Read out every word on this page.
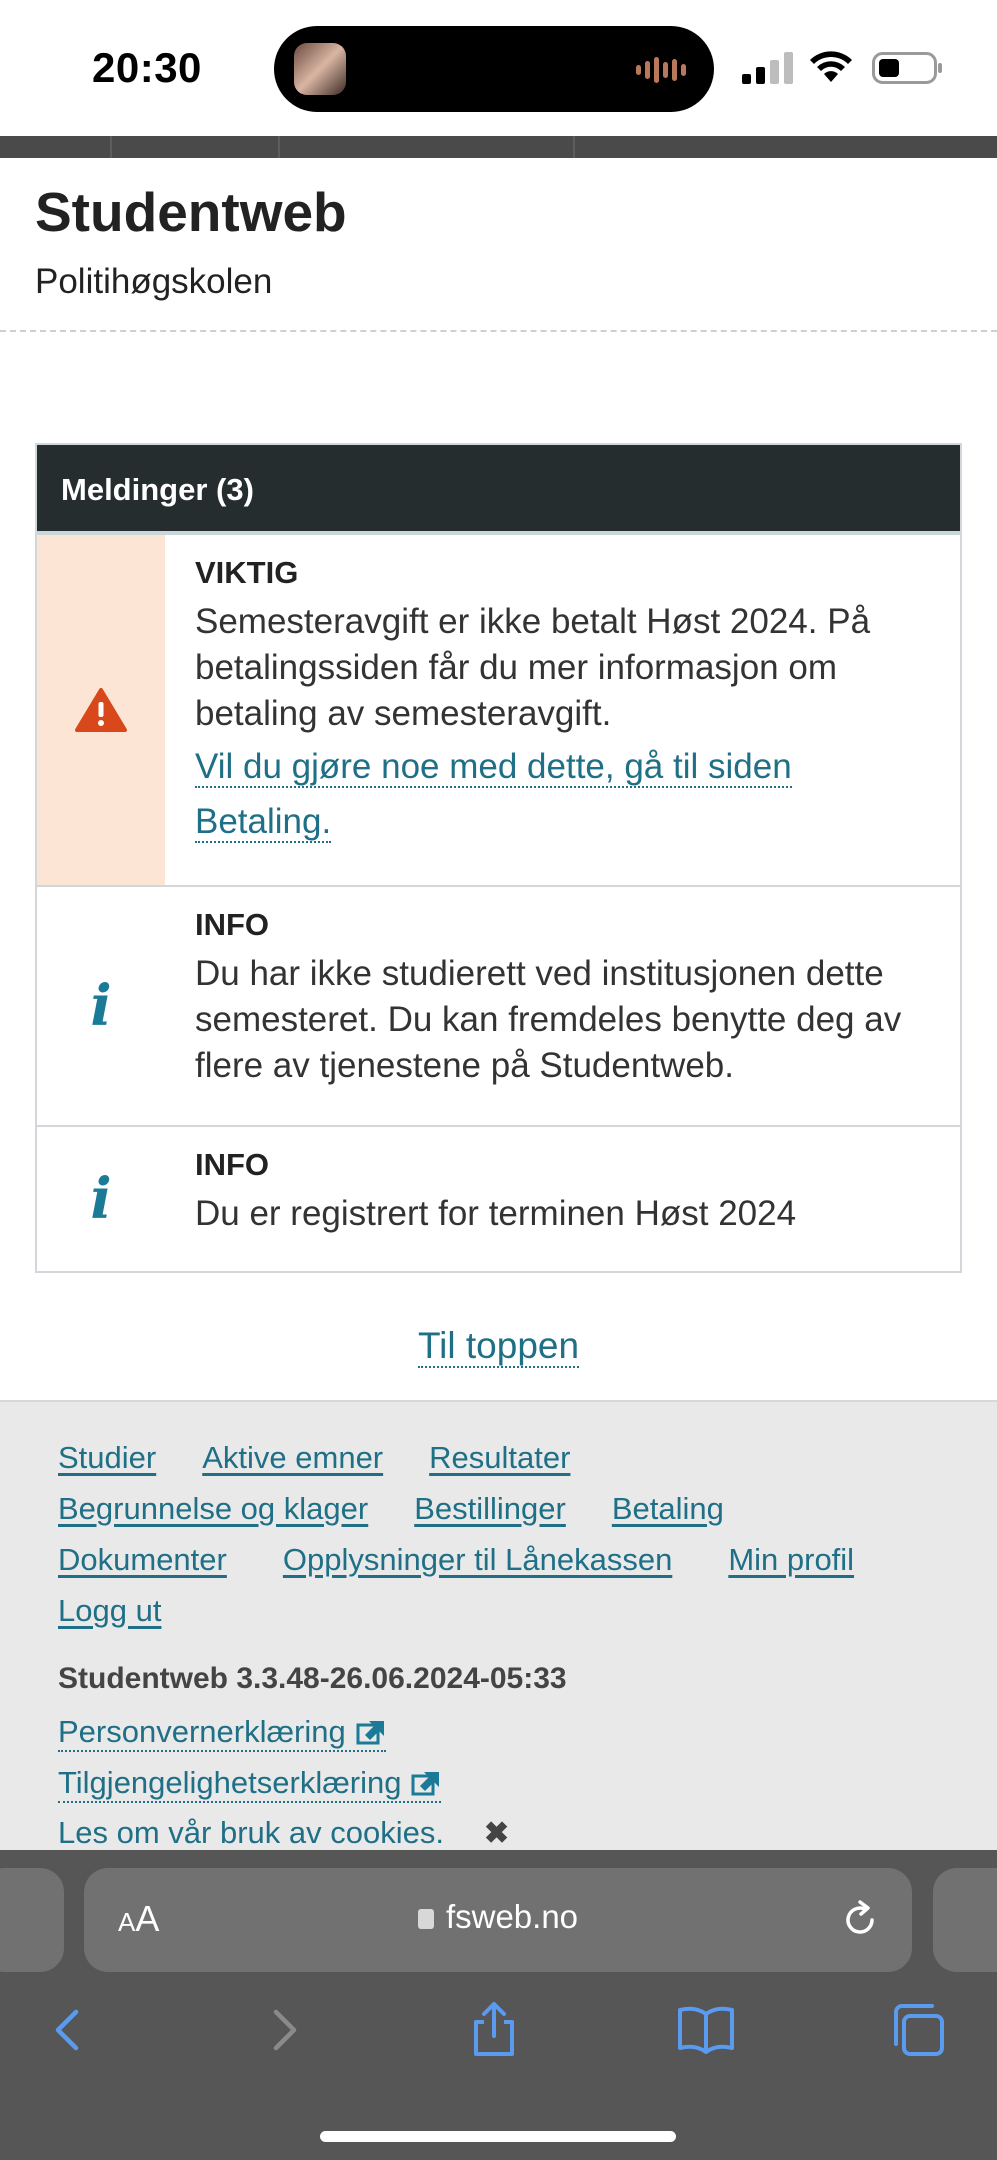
20:30
Studentweb
Politihøgskolen
Meldinger (3)
VIKTIG
Semesteravgift er ikke betalt Høst 2024. På betalingssiden får du mer informasjon om betaling av semesteravgift.
Vil du gjøre noe med dette, gå til siden Betaling.
i
INFO
Du har ikke studierett ved institusjonen dette semesteret. Du kan fremdeles benytte deg av flere av tjenestene på Studentweb.
i
INFO
Du er registrert for terminen Høst 2024
Til toppen
Studier Aktive emner Resultater
Begrunnelse og klager Bestillinger Betaling
Dokumenter Opplysninger til Lånekassen Min profil
Logg ut
Studentweb 3.3.48-26.06.2024-05:33
Personvernerklæring
Tilgjengelighetserklæring
Les om vår bruk av cookies. ✖
AA	fsweb.no
